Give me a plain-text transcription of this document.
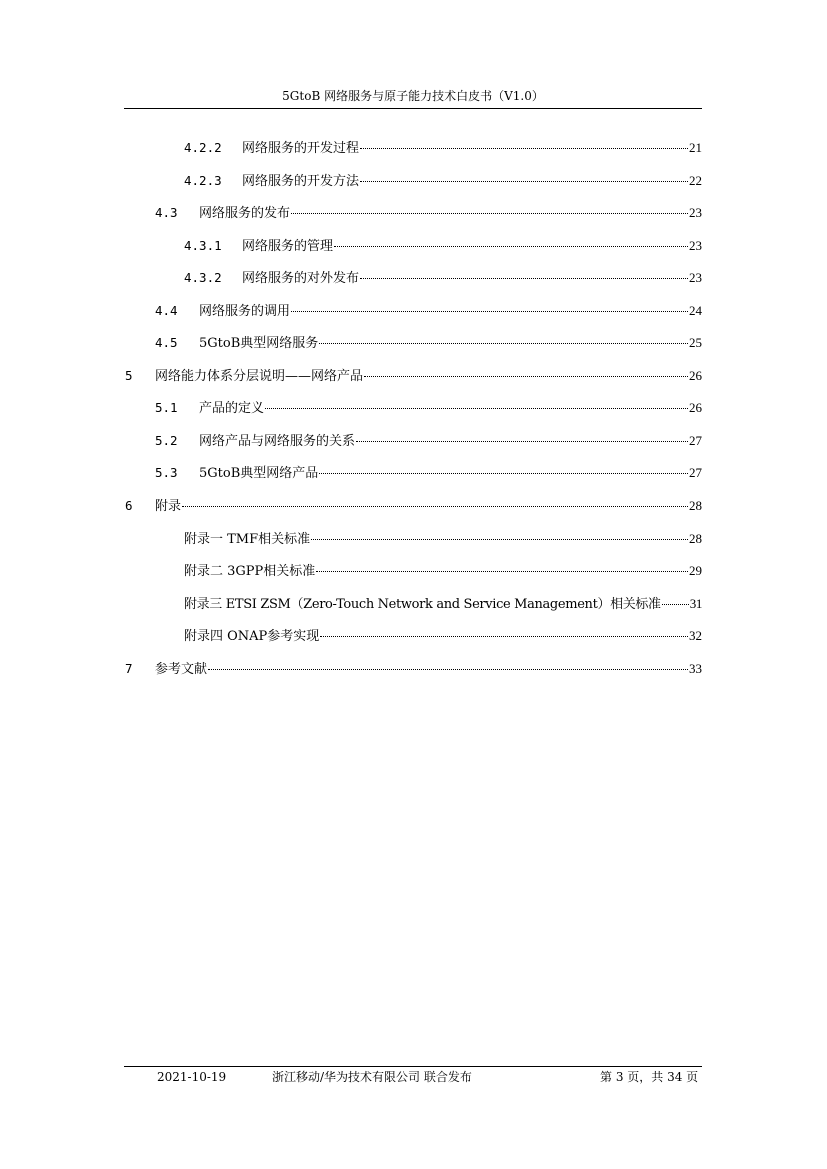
5GtoB 网络服务与原子能力技术白皮书（V1.0）
4.2.2	网络服务的开发过程	21
4.2.3	网络服务的开发方法	22
4.3	网络服务的发布	23
4.3.1	网络服务的管理	23
4.3.2	网络服务的对外发布	23
4.4	网络服务的调用	24
4.5	5GtoB典型网络服务	25
5	网络能力体系分层说明——网络产品	26
5.1	产品的定义	26
5.2	网络产品与网络服务的关系	27
5.3	5GtoB典型网络产品	27
6	附录	28
附录一 TMF相关标准	28
附录二 3GPP相关标准	29
附录三 ETSI ZSM（Zero-Touch Network and Service Management）相关标准 31
附录四 ONAP参考实现	32
7	参考文献	33
2021-10-19	浙江移动/华为技术有限公司 联合发布	第 3 页，共 34 页
